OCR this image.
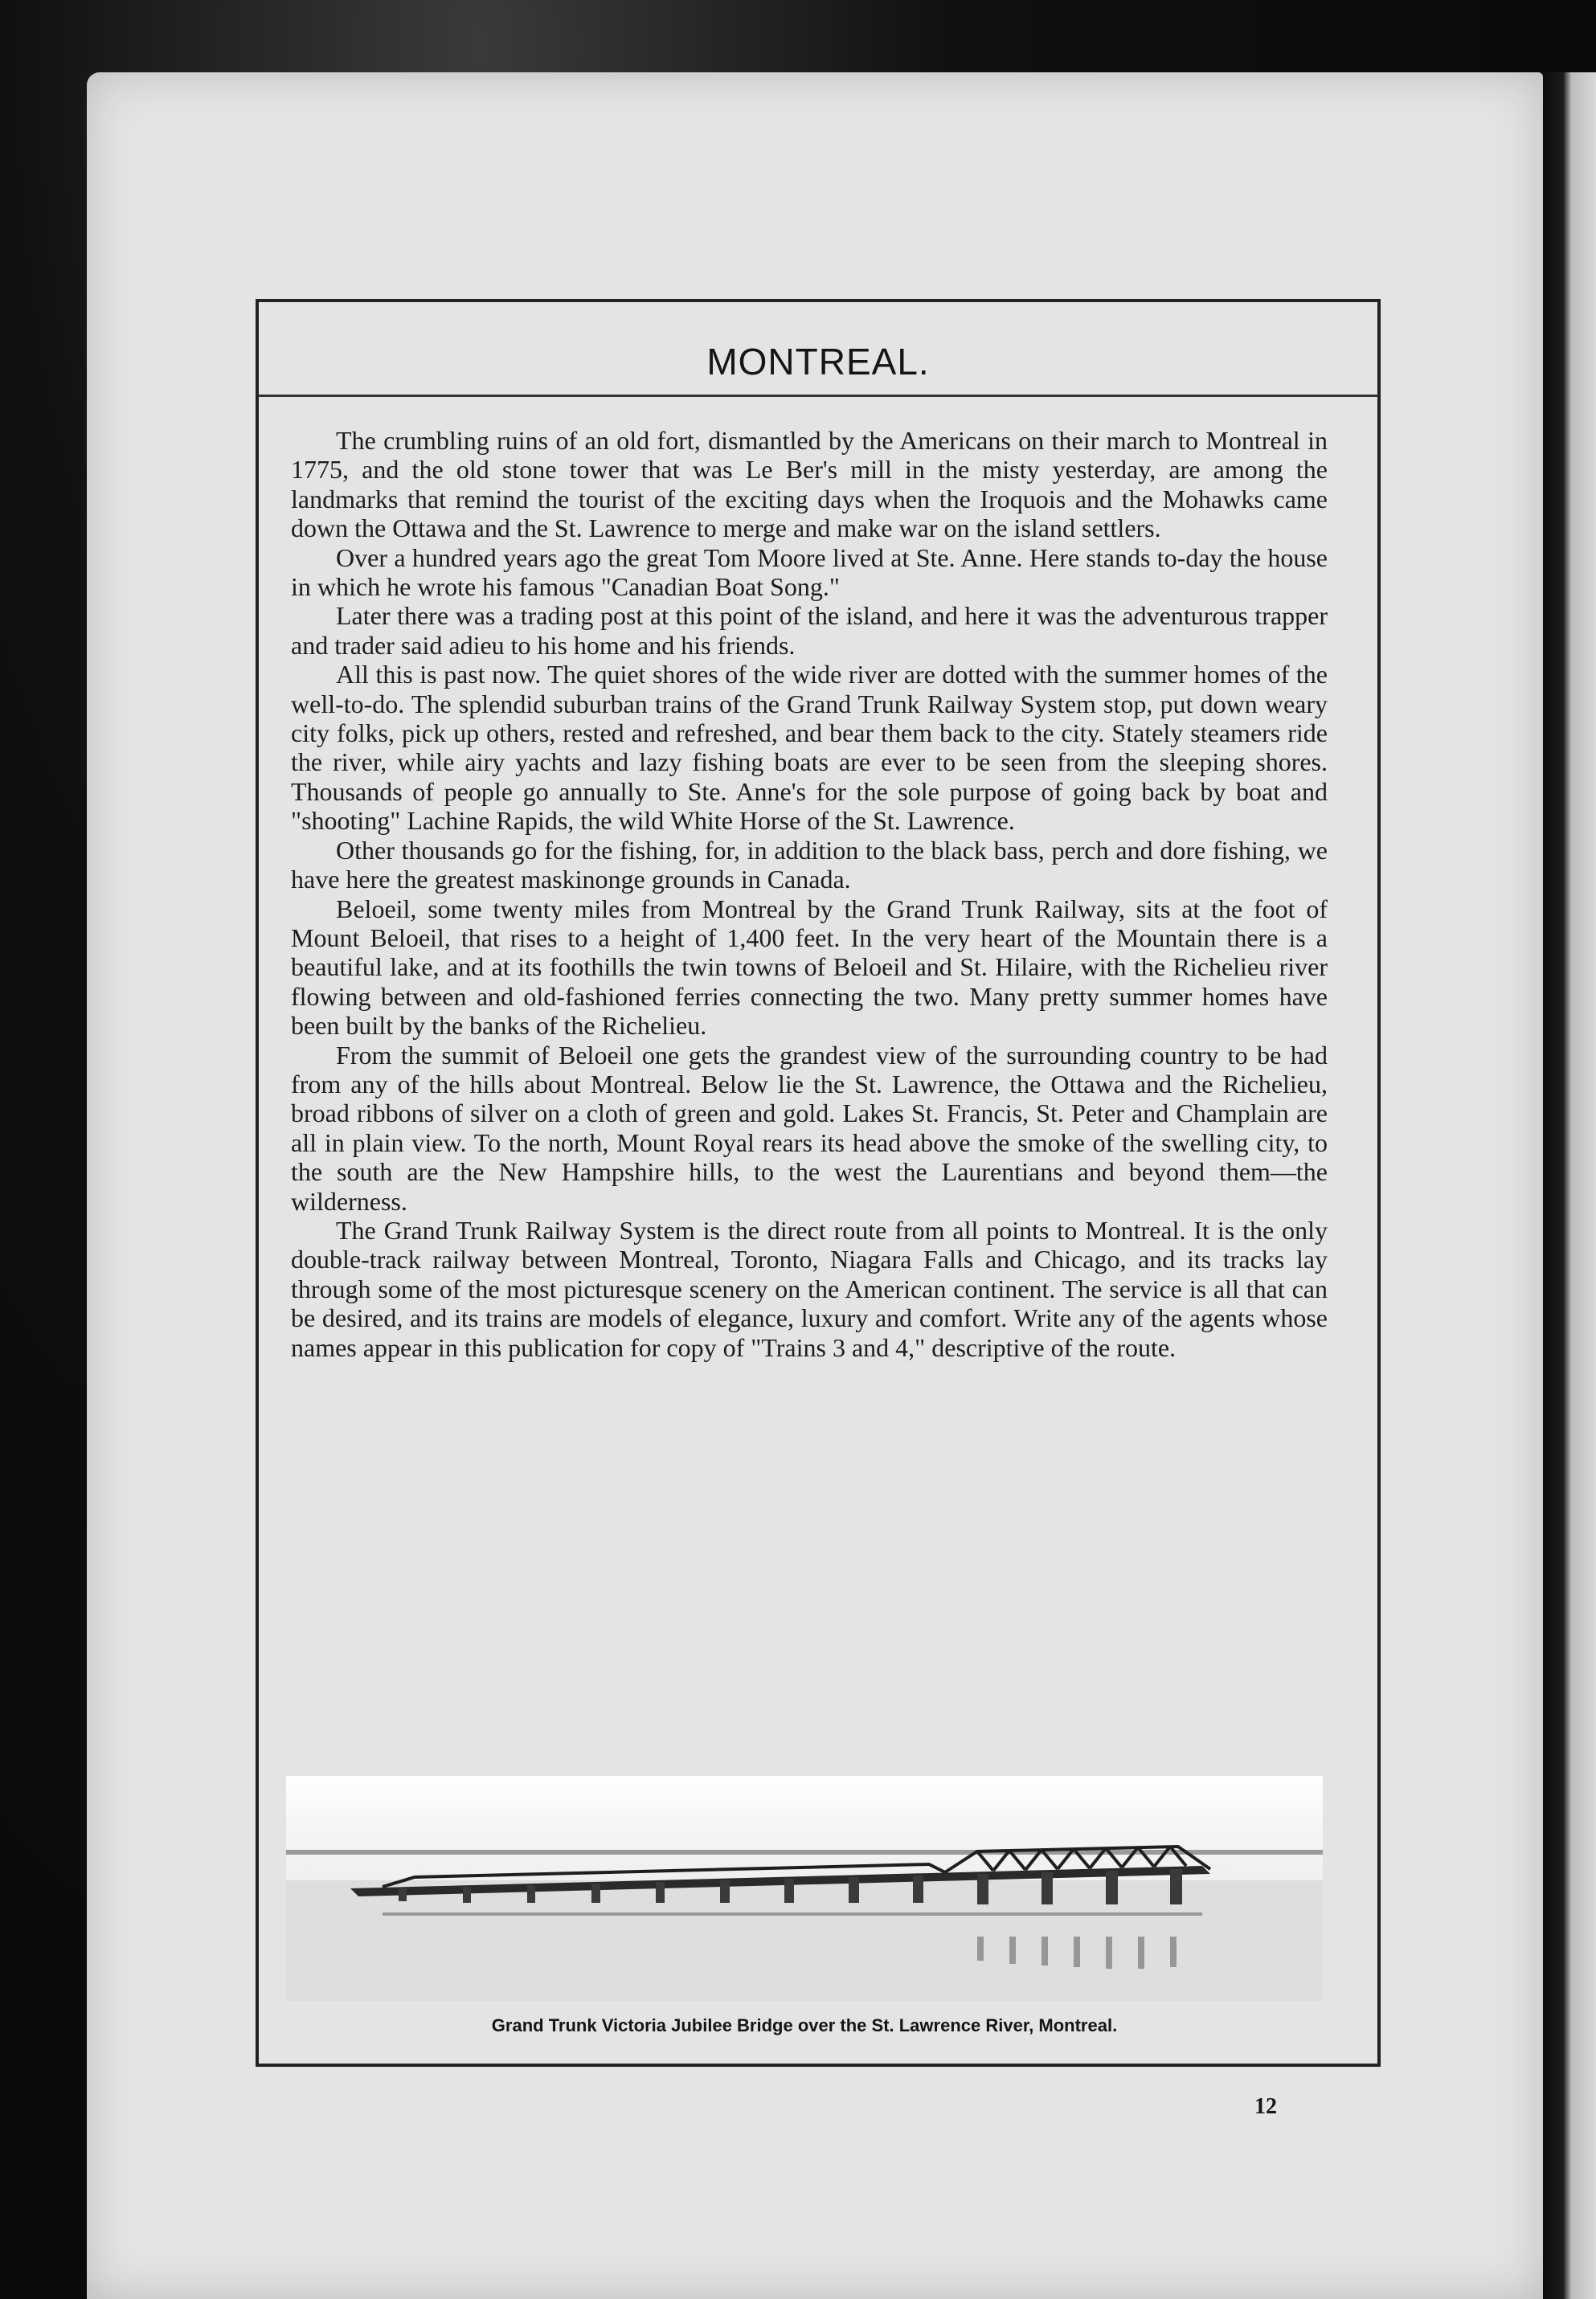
MONTREAL.

The crumbling ruins of an old fort, dismantled by the Americans on their march to Montreal in 1775, and the old stone tower that was Le Ber's mill in the misty yesterday, are among the landmarks that remind the tourist of the exciting days when the Iroquois and the Mohawks came down the Ottawa and the St. Lawrence to merge and make war on the island settlers.

Over a hundred years ago the great Tom Moore lived at Ste. Anne. Here stands to-day the house in which he wrote his famous "Canadian Boat Song."

Later there was a trading post at this point of the island, and here it was the adventurous trapper and trader said adieu to his home and his friends.

All this is past now. The quiet shores of the wide river are dotted with the summer homes of the well-to-do. The splendid suburban trains of the Grand Trunk Railway System stop, put down weary city folks, pick up others, rested and refreshed, and bear them back to the city. Stately steamers ride the river, while airy yachts and lazy fishing boats are ever to be seen from the sleeping shores. Thousands of people go annually to Ste. Anne's for the sole purpose of going back by boat and "shooting" Lachine Rapids, the wild White Horse of the St. Lawrence.

Other thousands go for the fishing, for, in addition to the black bass, perch and dore fishing, we have here the greatest maskinonge grounds in Canada.

Beloeil, some twenty miles from Montreal by the Grand Trunk Railway, sits at the foot of Mount Beloeil, that rises to a height of 1,400 feet. In the very heart of the Mountain there is a beautiful lake, and at its foothills the twin towns of Beloeil and St. Hilaire, with the Richelieu river flowing between and old-fashioned ferries connecting the two. Many pretty summer homes have been built by the banks of the Richelieu.

From the summit of Beloeil one gets the grandest view of the surrounding country to be had from any of the hills about Montreal. Below lie the St. Lawrence, the Ottawa and the Richelieu, broad ribbons of silver on a cloth of green and gold. Lakes St. Francis, St. Peter and Champlain are all in plain view. To the north, Mount Royal rears its head above the smoke of the swelling city, to the south are the New Hampshire hills, to the west the Laurentians and beyond them—the wilderness.

The Grand Trunk Railway System is the direct route from all points to Montreal. It is the only double-track railway between Montreal, Toronto, Niagara Falls and Chicago, and its tracks lay through some of the most picturesque scenery on the American continent. The service is all that can be desired, and its trains are models of elegance, luxury and comfort. Write any of the agents whose names appear in this publication for copy of "Trains 3 and 4," descriptive of the route.

Grand Trunk Victoria Jubilee Bridge over the St. Lawrence River, Montreal.
12
